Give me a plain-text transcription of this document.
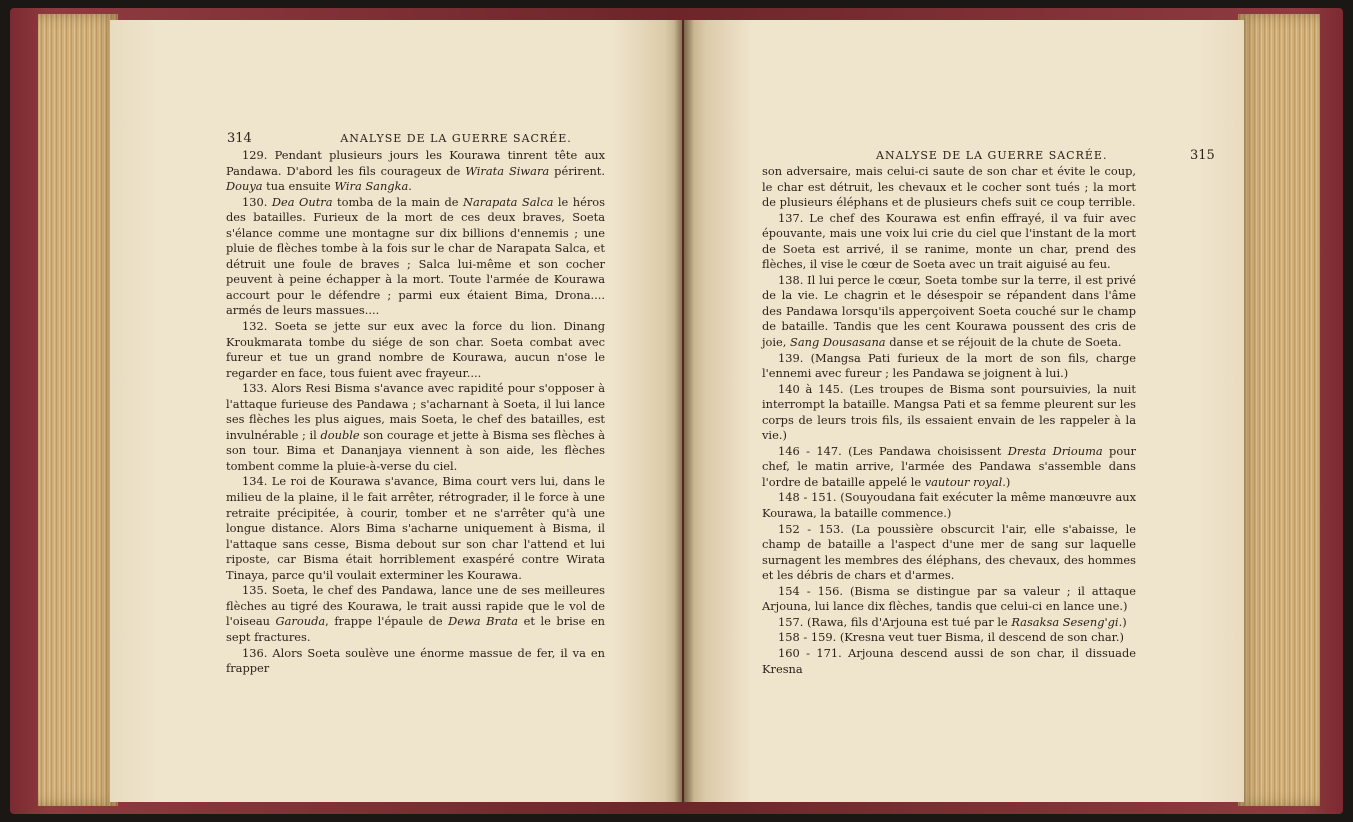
314	ANALYSE DE LA GUERRE SACRÉE.

129. Pendant plusieurs jours les Kourawa tinrent tête aux Pandawa. D'abord les fils courageux de Wirata Siwara périrent. Douya tua ensuite Wira Sangka.

130. Dea Outra tomba de la main de Narapata Salca le héros des batailles. Furieux de la mort de ces deux braves, Soeta s'élance comme une montagne sur dix billions d'ennemis ; une pluie de flèches tombe à la fois sur le char de Narapata Salca, et détruit une foule de braves ; Salca lui-même et son cocher peuvent à peine échapper à la mort. Toute l'armée de Kourawa accourt pour le défendre ; parmi eux étaient Bima, Drona.... armés de leurs massues....

132. Soeta se jette sur eux avec la force du lion. Dinang Kroukmarata tombe du siége de son char. Soeta combat avec fureur et tue un grand nombre de Kourawa, aucun n'ose le regarder en face, tous fuient avec frayeur....

133. Alors Resi Bisma s'avance avec rapidité pour s'opposer à l'attaque furieuse des Pandawa ; s'acharnant à Soeta, il lui lance ses flèches les plus aigues, mais Soeta, le chef des batailles, est invulnérable ; il double son courage et jette à Bisma ses flèches à son tour. Bima et Dananjaya viennent à son aide, les flèches tombent comme la pluie-à-verse du ciel.

134. Le roi de Kourawa s'avance, Bima court vers lui, dans le milieu de la plaine, il le fait arrêter, rétrograder, il le force à une retraite précipitée, à courir, tomber et ne s'arrêter qu'à une longue distance. Alors Bima s'acharne uniquement à Bisma, il l'attaque sans cesse, Bisma debout sur son char l'attend et lui riposte, car Bisma était horriblement exaspéré contre Wirata Tinaya, parce qu'il voulait exterminer les Kourawa.

135. Soeta, le chef des Pandawa, lance une de ses meilleures flèches au tigré des Kourawa, le trait aussi rapide que le vol de l'oiseau Garouda, frappe l'épaule de Dewa Brata et le brise en sept fractures.

136. Alors Soeta soulève une énorme massue de fer, il va en frapper

ANALYSE DE LA GUERRE SACRÉE.	315

son adversaire, mais celui-ci saute de son char et évite le coup, le char est détruit, les chevaux et le cocher sont tués ; la mort de plusieurs éléphans et de plusieurs chefs suit ce coup terrible.

137. Le chef des Kourawa est enfin effrayé, il va fuir avec épouvante, mais une voix lui crie du ciel que l'instant de la mort de Soeta est arrivé, il se ranime, monte un char, prend des flèches, il vise le cœur de Soeta avec un trait aiguisé au feu.

138. Il lui perce le cœur, Soeta tombe sur la terre, il est privé de la vie. Le chagrin et le désespoir se répandent dans l'âme des Pandawa lorsqu'ils apperçoivent Soeta couché sur le champ de bataille. Tandis que les cent Kourawa poussent des cris de joie, Sang Dousasana danse et se réjouit de la chute de Soeta.

139. (Mangsa Pati furieux de la mort de son fils, charge l'ennemi avec fureur ; les Pandawa se joignent à lui.)

140 à 145. (Les troupes de Bisma sont poursuivies, la nuit interrompt la bataille. Mangsa Pati et sa femme pleurent sur les corps de leurs trois fils, ils essaient envain de les rappeler à la vie.)

146 - 147. (Les Pandawa choisissent Dresta Driouma pour chef, le matin arrive, l'armée des Pandawa s'assemble dans l'ordre de bataille appelé le vautour royal.)

148 - 151. (Souyoudana fait exécuter la même manœuvre aux Kourawa, la bataille commence.)

152 - 153. (La poussière obscurcit l'air, elle s'abaisse, le champ de bataille a l'aspect d'une mer de sang sur laquelle surnagent les membres des éléphans, des chevaux, des hommes et les débris de chars et d'armes.

154 - 156. (Bisma se distingue par sa valeur ; il attaque Arjouna, lui lance dix flèches, tandis que celui-ci en lance une.)

157. (Rawa, fils d'Arjouna est tué par le Rasaksa Seseng'gi.)

158 - 159. (Kresna veut tuer Bisma, il descend de son char.)

160 - 171. Arjouna descend aussi de son char, il dissuade Kresna
